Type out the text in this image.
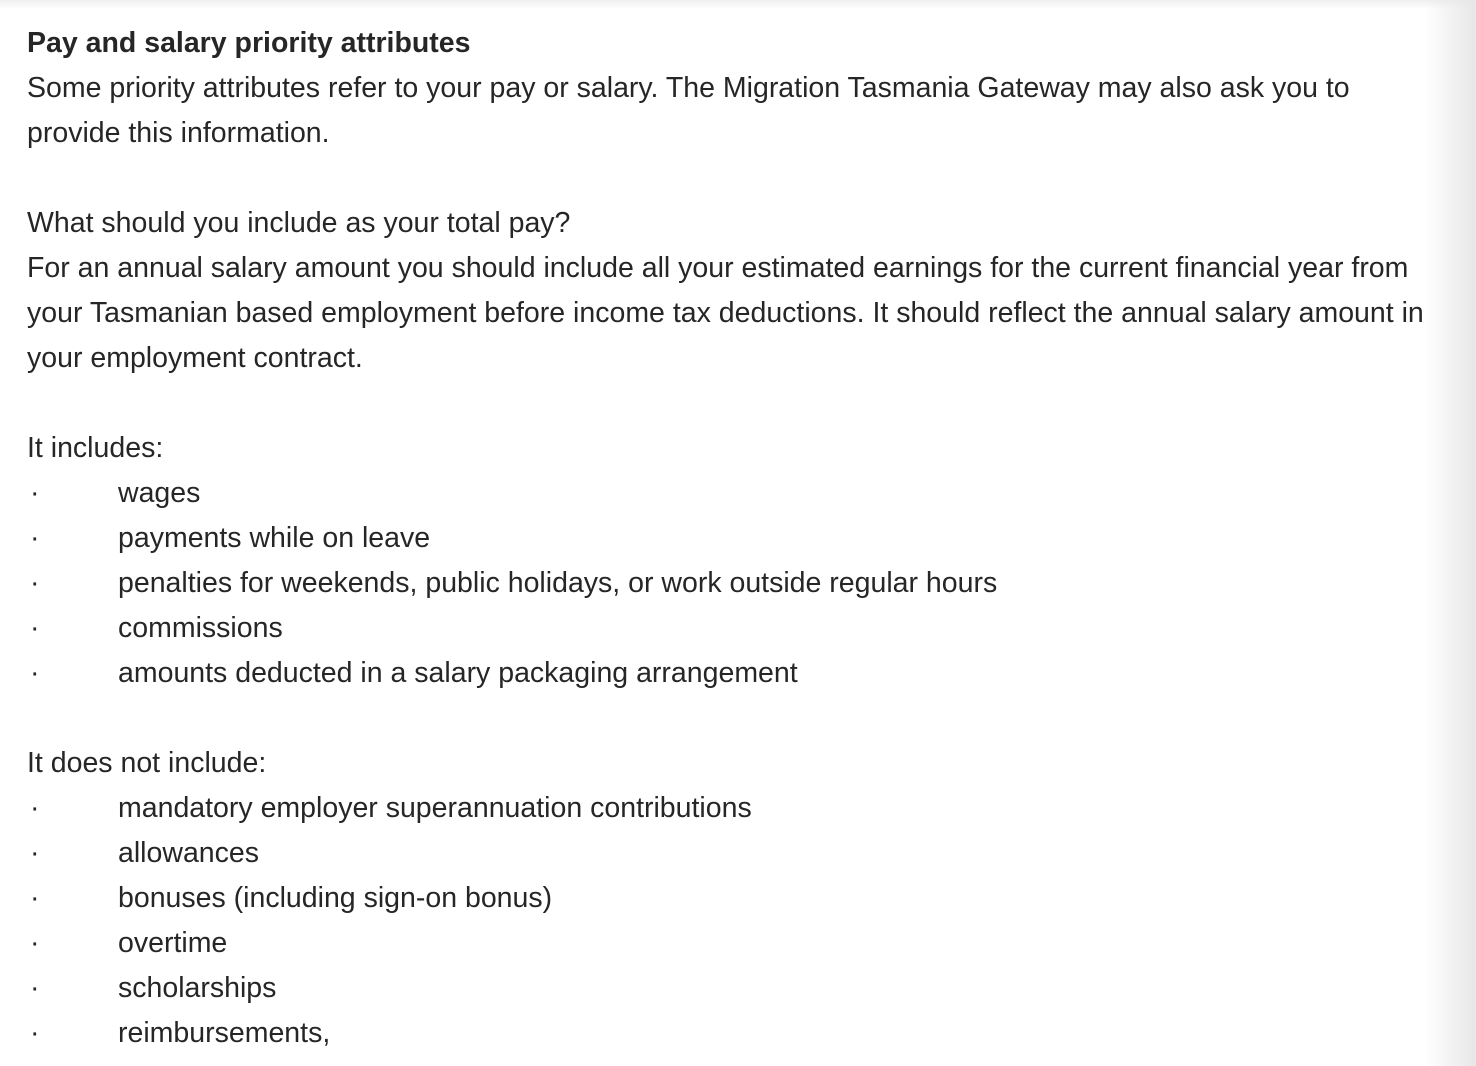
Pay and salary priority attributes

Some priority attributes refer to your pay or salary. The Migration Tasmania Gateway may also ask you to provide this information.

What should you include as your total pay?

For an annual salary amount you should include all your estimated earnings for the current financial year from your Tasmanian based employment before income tax deductions. It should reflect the annual salary amount in your employment contract.

It includes:

·	wages
·	payments while on leave
·	penalties for weekends, public holidays, or work outside regular hours
·	commissions
·	amounts deducted in a salary packaging arrangement

It does not include:

·	mandatory employer superannuation contributions
·	allowances
·	bonuses (including sign-on bonus)
·	overtime
·	scholarships
·	reimbursements,
